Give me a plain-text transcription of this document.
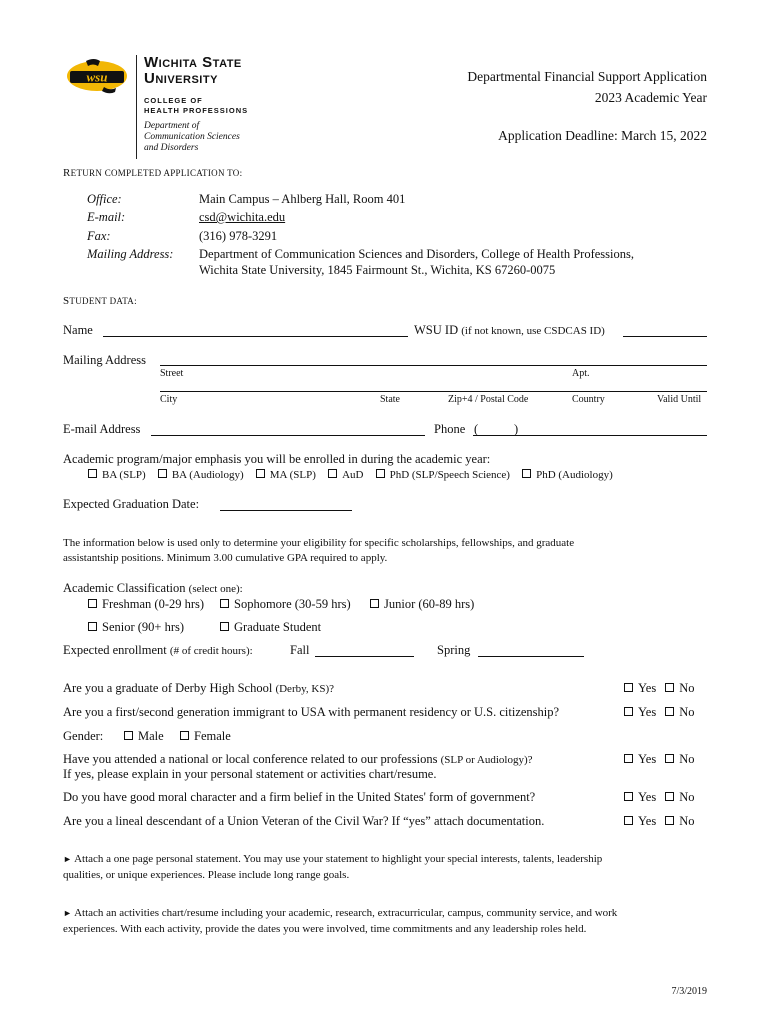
wsu
Wichita State
University
COLLEGE OF
HEALTH PROFESSIONS
Department of
Communication Sciences
and Disorders
Departmental Financial Support Application
2023 Academic Year
Application Deadline: March 15, 2022
RETURN COMPLETED APPLICATION TO:
Office:	Main Campus – Ahlberg Hall, Room 401
E-mail:	csd@wichita.edu
Fax:	(316) 978-3291
Mailing Address: Department of Communication Sciences and Disorders, College of Health Professions,
Wichita State University, 1845 Fairmount St., Wichita, KS 67260-0075
STUDENT DATA:
Name	WSU ID (if not known, use CSDCAS ID)
Mailing Address
Street	Apt.
City	State	Zip+4 / Postal Code	Country	Valid Until
E-mail Address	Phone (	)
Academic program/major emphasis you will be enrolled in during the academic year:
BA (SLP) BA (Audiology) MA (SLP) AuD PhD (SLP/Speech Science) PhD (Audiology)
Expected Graduation Date:
The information below is used only to determine your eligibility for specific scholarships, fellowships, and graduate
assistantship positions. Minimum 3.00 cumulative GPA required to apply.
Academic Classification (select one):
Freshman (0-29 hrs)	Sophomore (30-59 hrs)	Junior (60-89 hrs)
Senior (90+ hrs)	Graduate Student
Expected enrollment (# of credit hours):	Fall	Spring
Are you a graduate of Derby High School (Derby, KS)?	Yes No
Are you a first/second generation immigrant to USA with permanent residency or U.S. citizenship?	Yes No
Gender:	Male	Female
Have you attended a national or local conference related to our professions (SLP or Audiology)?
If yes, please explain in your personal statement or activities chart/resume.
Yes No
Do you have good moral character and a firm belief in the United States' form of government?	Yes No
Are you a lineal descendant of a Union Veteran of the Civil War? If “yes” attach documentation.	Yes No
► Attach a one page personal statement. You may use your statement to highlight your special interests, talents, leadership
qualities, or unique experiences. Please include long range goals.
► Attach an activities chart/resume including your academic, research, extracurricular, campus, community service, and work
experiences. With each activity, provide the dates you were involved, time commitments and any leadership roles held.
7/3/2019
